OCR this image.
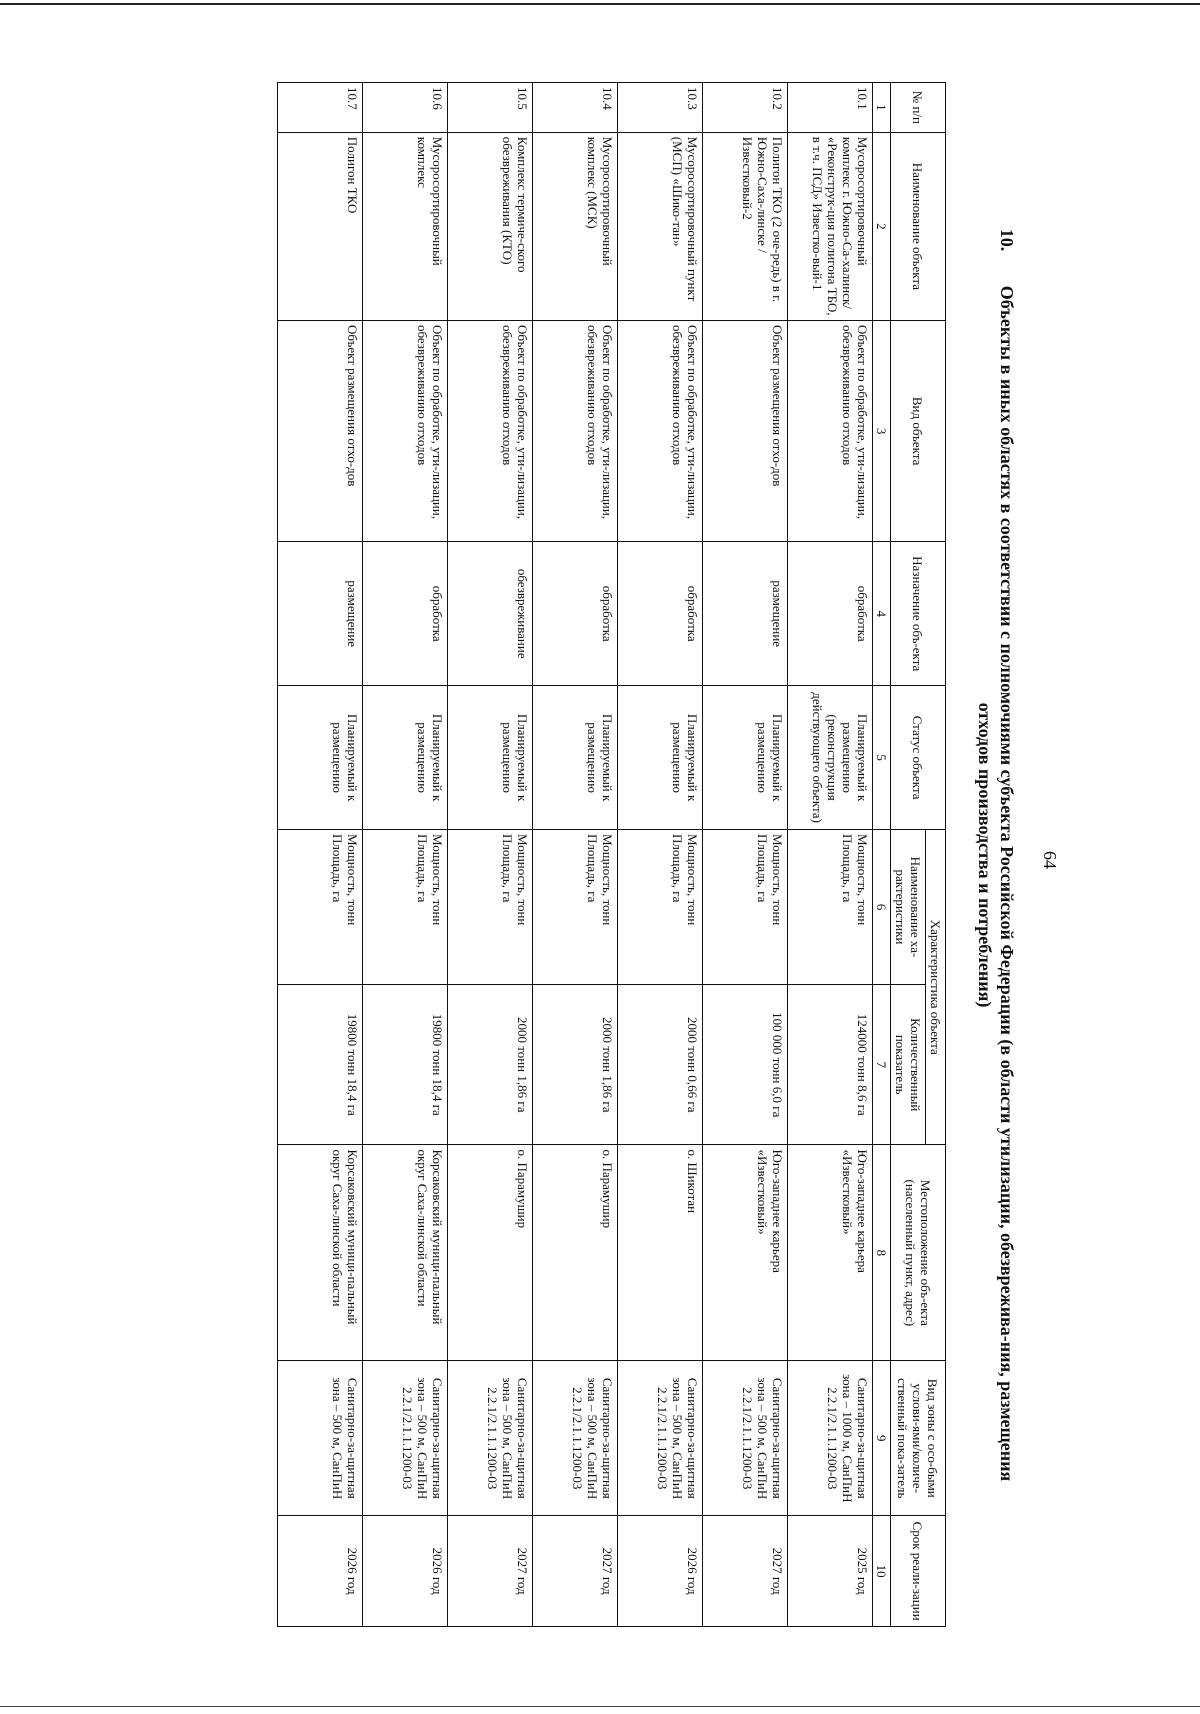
64
10. Объекты в иных областях в соответствии с полномочиями субъекта Российской Федерации (в области утилизации, обезврежива-ния, размещения отходов производства и потребления)
№ п/п	Наименование объекта	Вид объекта	Назначение объ-екта	Статус объекта	Характеристика объекта		Местоположение объ-екта (населенный пункт, адрес)	Вид зоны с осо-быми услови-ями/количе-ственный пока-затель	Срок реали-зации
					Наименование ха-рактеристики	Количественный показатель			
1	2	3	4	5	6	7	8	9	10
10.1	Мусоросортировочный комплекс г. Южно-Са-халинск/ «Реконструк-ция полигона ТБО, в т.ч. ПСД» Известко-вый-1	Объект по обработке, ути-лизации, обезвреживанию отходов	обработка	Планируемый к размещению (реконструкция действующего объекта)	Мощность, тонн Площадь, га	124000 тонн 8,6 га	Юго-западнее карьера «Известковый»	Санитарно-за-щитная зона – 1000 м, СанПиН 2.2.1/2.1.1.1200-03	2025 год
10.2	Полигон ТКО (2 оче-редь) в г. Южно-Саха-линске / Известковый-2	Объект размещения отхо-дов	размещение	Планируемый к размещению	Мощность, тонн Площадь, га	100 000 тонн 6,0 га	Юго-западнее карьера «Известковый»	Санитарно-за-щитная зона – 500 м, СанПиН 2.2.1/2.1.1.1200-03	2027 год
10.3	Мусоросортировочный пункт (МСП) «Шико-тан»	Объект по обработке, ути-лизации, обезвреживанию отходов	обработка	Планируемый к размещению	Мощность, тонн Площадь, га	2000 тонн 0,66 га	о. Шикотан	Санитарно-за-щитная зона – 500 м, СанПиН 2.2.1/2.1.1.1200-03	2026 год
10.4	Мусоросортировочный комплекс (МСК)	Объект по обработке, ути-лизации, обезвреживанию отходов	обработка	Планируемый к размещению	Мощность, тонн Площадь, га	2000 тонн 1,86 га	о. Парамушир	Санитарно-за-щитная зона – 500 м, СанПиН 2.2.1/2.1.1.1200-03	2027 год
10.5	Комплекс термиче-ского обезвреживания (КТО)	Объект по обработке, ути-лизации, обезвреживанию отходов	обезвреживание	Планируемый к размещению	Мощность, тонн Площадь, га	2000 тонн 1,86 га	о. Парамушир	Санитарно-за-щитная зона – 500 м, СанПиН 2.2.1/2.1.1.1200-03	2027 год
10.6	Мусоросортировочный комплекс	Объект по обработке, ути-лизации, обезвреживанию отходов	обработка	Планируемый к размещению	Мощность, тонн Площадь, га	19800 тонн 18,4 га	Корсаковский муници-пальный округ Саха-линской области	Санитарно-за-щитная зона – 500 м, СанПиН 2.2.1/2.1.1.1200-03	2026 год
10.7	Полигон ТКО	Объект размещения отхо-дов	размещение	Планируемый к размещению	Мощность, тонн Площадь, га	19800 тонн 18,4 га	Корсаковский муници-пальный округ Саха-линской области	Санитарно-за-щитная зона – 500 м, СанПиН	2026 год
